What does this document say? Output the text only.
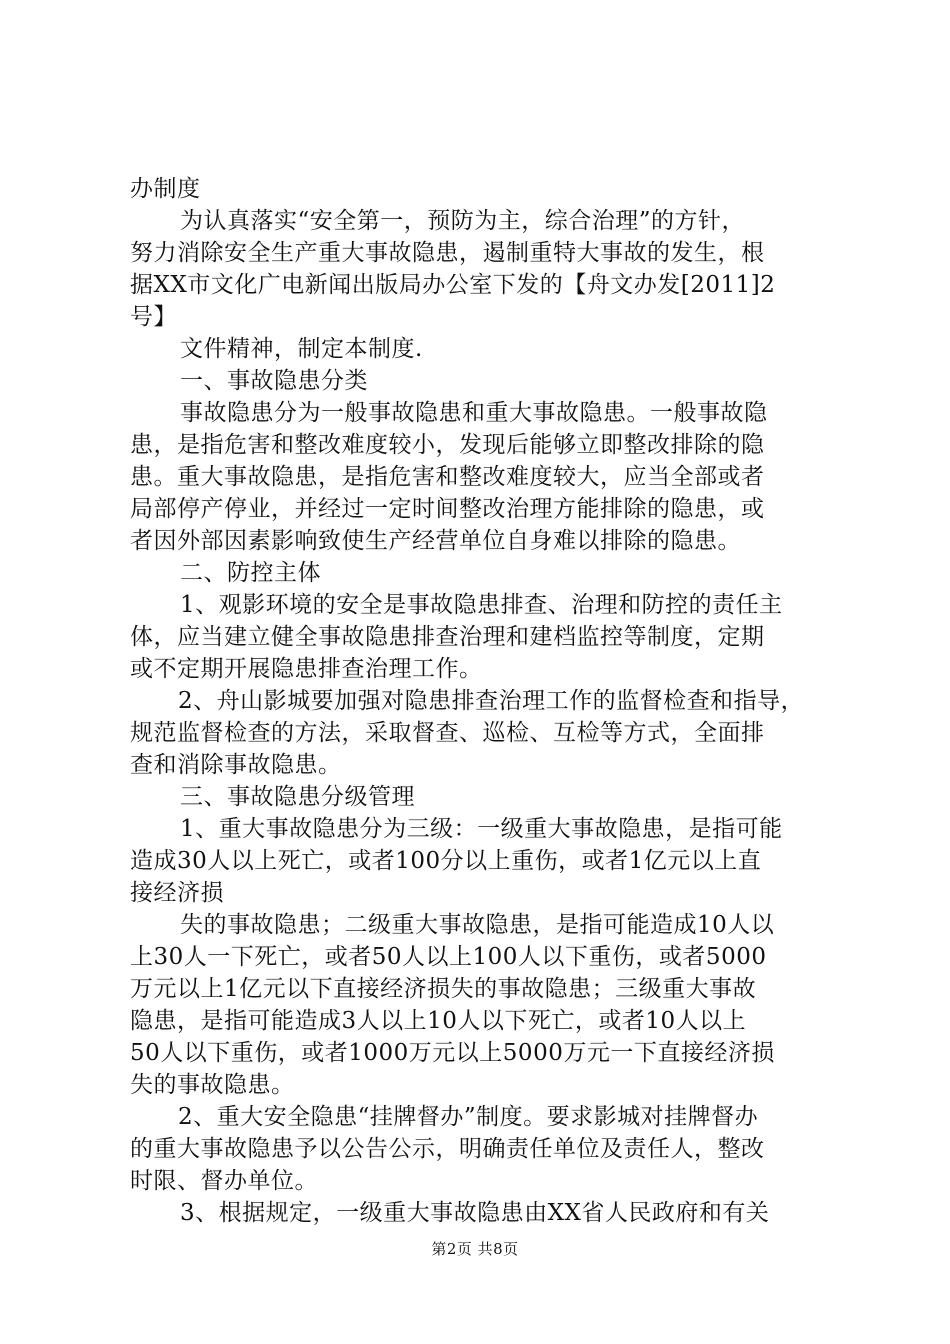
办制度
为认真落实“安全第一，预防为主，综合治理”的方针，
努力消除安全生产重大事故隐患，遏制重特大事故的发生，根
据XX市文化广电新闻出版局办公室下发的【舟文办发[2011]2
号】
文件精神，制定本制度.
一、事故隐患分类
事故隐患分为一般事故隐患和重大事故隐患。一般事故隐
患，是指危害和整改难度较小，发现后能够立即整改排除的隐
患。重大事故隐患，是指危害和整改难度较大，应当全部或者
局部停产停业，并经过一定时间整改治理方能排除的隐患，或
者因外部因素影响致使生产经营单位自身难以排除的隐患。
二、防控主体
1、观影环境的安全是事故隐患排查、治理和防控的责任主
体，应当建立健全事故隐患排查治理和建档监控等制度，定期
或不定期开展隐患排查治理工作。
2、舟山影城要加强对隐患排查治理工作的监督检查和指导，
规范监督检查的方法，采取督查、巡检、互检等方式，全面排
查和消除事故隐患。
三、事故隐患分级管理
1、重大事故隐患分为三级：一级重大事故隐患，是指可能
造成30人以上死亡，或者100分以上重伤，或者1亿元以上直
接经济损
失的事故隐患；二级重大事故隐患，是指可能造成10人以
上30人一下死亡，或者50人以上100人以下重伤，或者5000
万元以上1亿元以下直接经济损失的事故隐患；三级重大事故
隐患，是指可能造成3人以上10人以下死亡，或者10人以上
50人以下重伤，或者1000万元以上5000万元一下直接经济损
失的事故隐患。
2、重大安全隐患“挂牌督办”制度。要求影城对挂牌督办
的重大事故隐患予以公告公示，明确责任单位及责任人，整改
时限、督办单位。
3、根据规定，一级重大事故隐患由XX省人民政府和有关
第2页 共8页
